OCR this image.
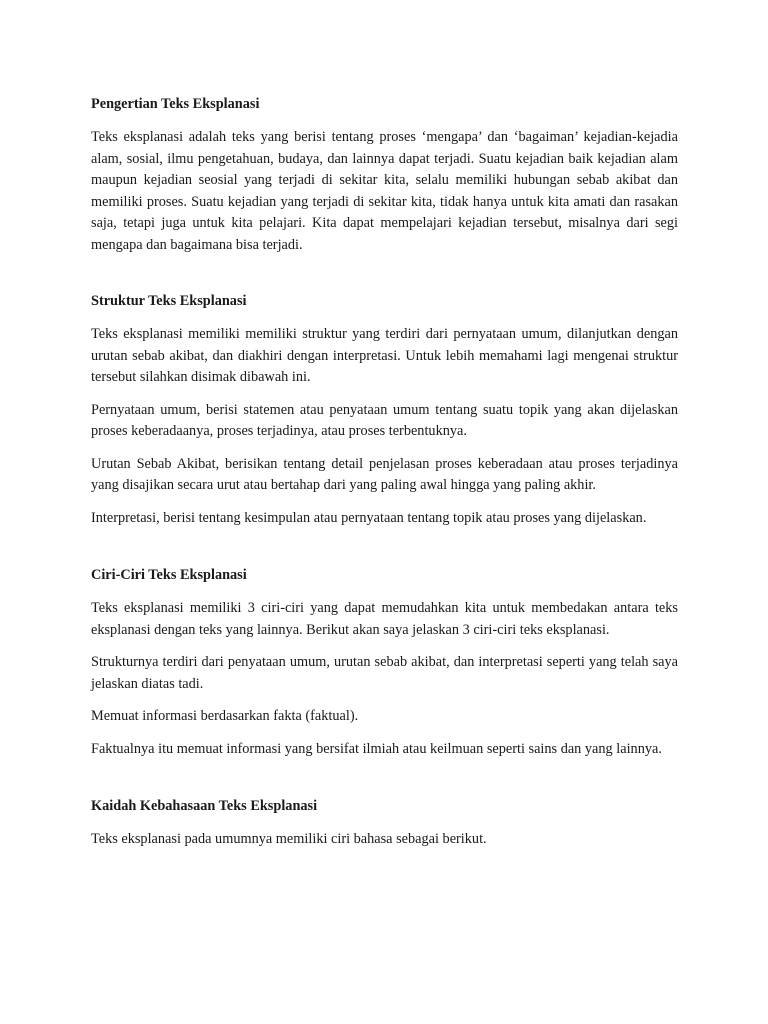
Pengertian Teks Eksplanasi

Teks eksplanasi adalah teks yang berisi tentang proses ‘mengapa’ dan ‘bagaiman’ kejadian-kejadia alam, sosial, ilmu pengetahuan, budaya, dan lainnya dapat terjadi. Suatu kejadian baik kejadian alam maupun kejadian seosial yang terjadi di sekitar kita, selalu memiliki hubungan sebab akibat dan memiliki proses. Suatu kejadian yang terjadi di sekitar kita, tidak hanya untuk kita amati dan rasakan saja, tetapi juga untuk kita pelajari. Kita dapat mempelajari kejadian tersebut, misalnya dari segi mengapa dan bagaimana bisa terjadi.

Struktur Teks Eksplanasi

Teks eksplanasi memiliki memiliki struktur yang terdiri dari pernyataan umum, dilanjutkan dengan urutan sebab akibat, dan diakhiri dengan interpretasi. Untuk lebih memahami lagi mengenai struktur tersebut silahkan disimak dibawah ini.

Pernyataan umum, berisi statemen atau penyataan umum tentang suatu topik yang akan dijelaskan proses keberadaanya, proses terjadinya, atau proses terbentuknya.

Urutan Sebab Akibat, berisikan tentang detail penjelasan proses keberadaan atau proses terjadinya yang disajikan secara urut atau bertahap dari yang paling awal hingga yang paling akhir.

Interpretasi, berisi tentang kesimpulan atau pernyataan tentang topik atau proses yang dijelaskan.

Ciri-Ciri Teks Eksplanasi

Teks eksplanasi memiliki 3 ciri-ciri yang dapat memudahkan kita untuk membedakan antara teks eksplanasi dengan teks yang lainnya. Berikut akan saya jelaskan 3 ciri-ciri teks eksplanasi.

Strukturnya terdiri dari penyataan umum, urutan sebab akibat, dan interpretasi seperti yang telah saya jelaskan diatas tadi.

Memuat informasi berdasarkan fakta (faktual).

Faktualnya itu memuat informasi yang bersifat ilmiah atau keilmuan seperti sains dan yang lainnya.

Kaidah Kebahasaan Teks Eksplanasi

Teks eksplanasi pada umumnya memiliki ciri bahasa sebagai berikut.
